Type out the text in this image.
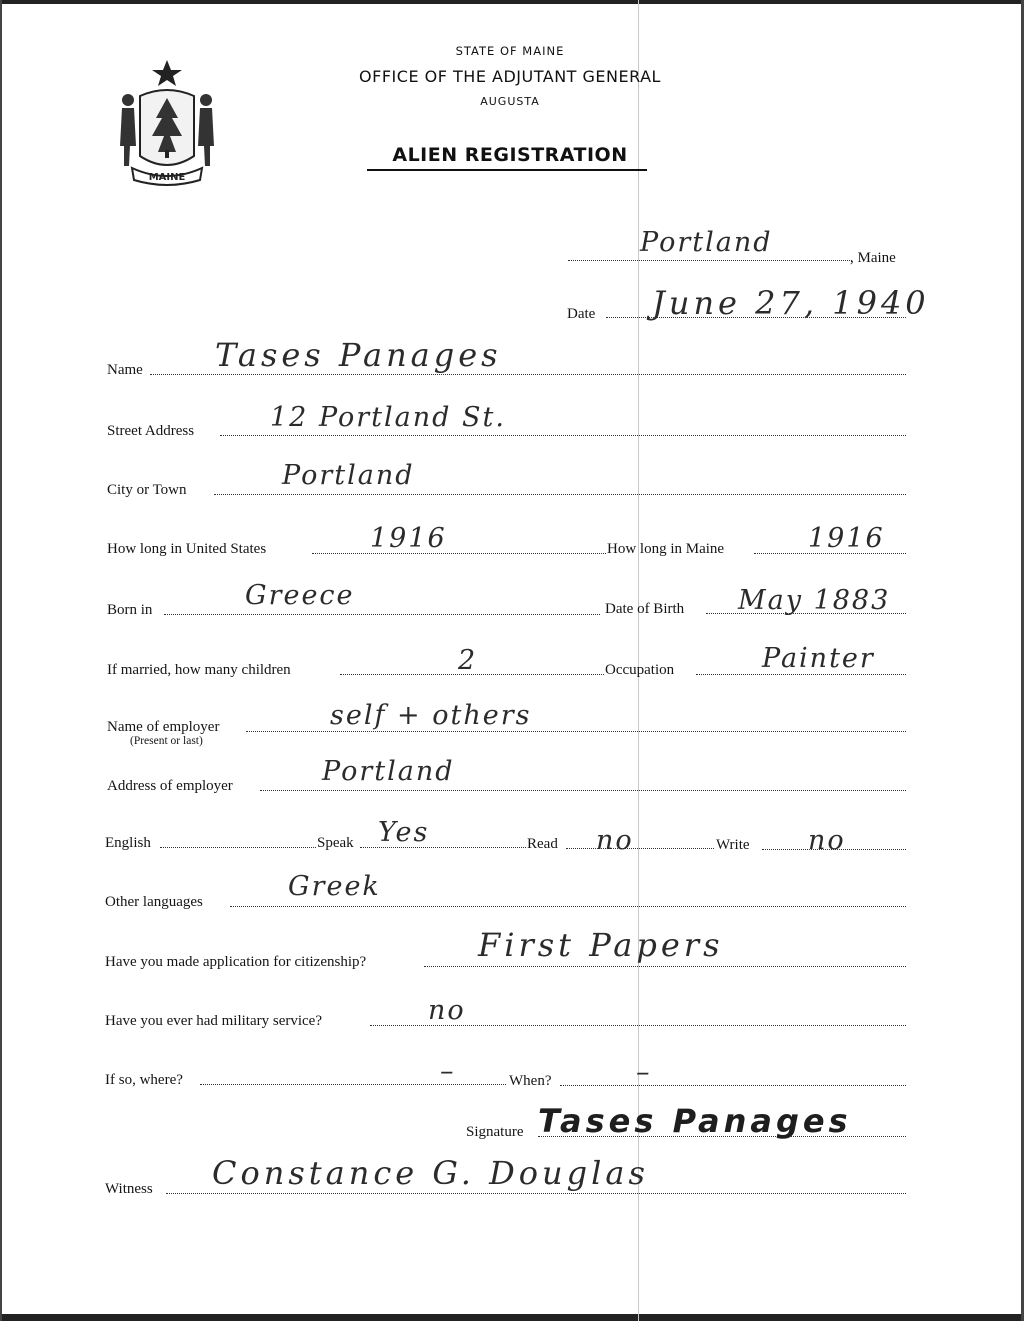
MAINE
STATE OF MAINE
OFFICE OF THE ADJUTANT GENERAL
AUGUSTA
ALIEN REGISTRATION
Portland	, Maine
Date June 27, 1940
Name Tases Panages
Street Address	12 Portland St.
City or Town	Portland
How long in United States	1916	How long in Maine	1916
Born in	Greece	Date of Birth May 1883
If married, how many children	2	Occupation	Painter
Name of employer
(Present or last)
self + others
Address of employer	Portland
English	Speak Yes	Read no	Write no
Other languages	Greek
Have you made application for citizenship?	First Papers
Have you ever had military service?	no
If so, where?	–	When?	–
Signature Tases Panages
Witness Constance G. Douglas
